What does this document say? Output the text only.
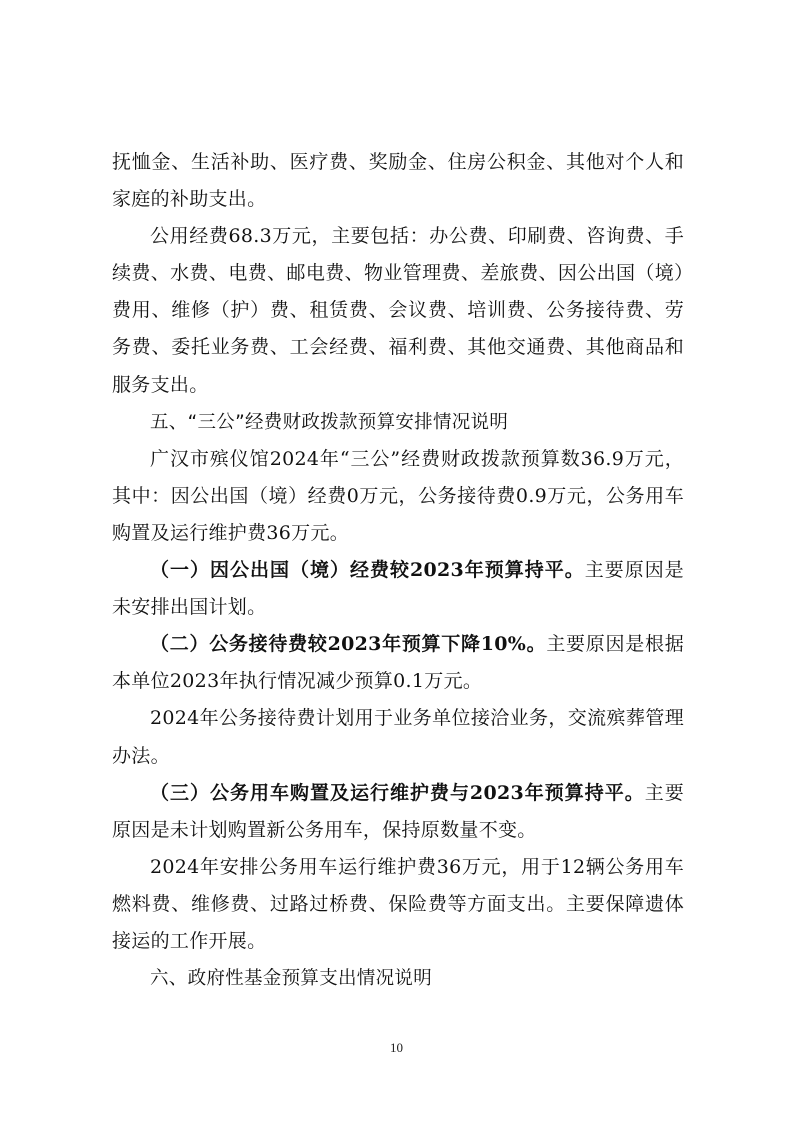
抚恤金、生活补助、医疗费、奖励金、住房公积金、其他对个人和家庭的补助支出。

公用经费68.3万元，主要包括：办公费、印刷费、咨询费、手续费、水费、电费、邮电费、物业管理费、差旅费、因公出国（境）费用、维修（护）费、租赁费、会议费、培训费、公务接待费、劳务费、委托业务费、工会经费、福利费、其他交通费、其他商品和服务支出。

五、“三公”经费财政拨款预算安排情况说明

广汉市殡仪馆2024年“三公”经费财政拨款预算数36.9万元，其中：因公出国（境）经费0万元，公务接待费0.9万元，公务用车购置及运行维护费36万元。

（一）因公出国（境）经费较2023年预算持平。主要原因是未安排出国计划。

（二）公务接待费较2023年预算下降10%。主要原因是根据本单位2023年执行情况减少预算0.1万元。

2024年公务接待费计划用于业务单位接洽业务，交流殡葬管理办法。

（三）公务用车购置及运行维护费与2023年预算持平。主要原因是未计划购置新公务用车，保持原数量不变。

2024年安排公务用车运行维护费36万元，用于12辆公务用车燃料费、维修费、过路过桥费、保险费等方面支出。主要保障遗体接运的工作开展。

六、政府性基金预算支出情况说明

10
